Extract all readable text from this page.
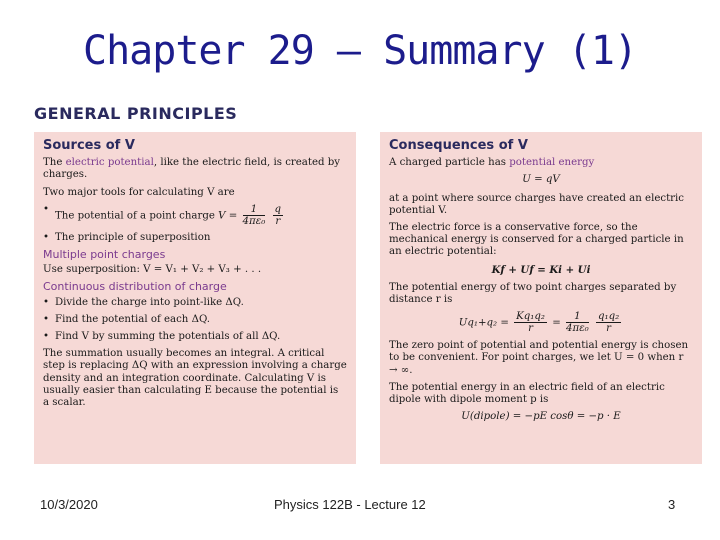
Chapter 29 – Summary (1)
GENERAL PRINCIPLES
Sources of V

The electric potential, like the electric field, is created by charges.

Two major tools for calculating V are

•
The potential of a point charge $V = \frac{1}{\text{4πε₀}}$
$\frac{q}{r}$
• The principle of superposition
Multiple point charges

Use superposition: V = V₁ + V₂ + V₃ + . . .

Continuous distribution of charge
• Divide the charge into point-like ΔQ.
• Find the potential of each ΔQ.
• Find V by summing the potentials of all ΔQ.

The summation usually becomes an integral. A critical step is replacing ΔQ with an expression involving a charge density and an integration coordinate. Calculating V is usually easier than calculating E because the potential is a scalar.

Consequences of V

A charged particle has potential energy

U = qV

at a point where source charges have created an electric potential V.

The electric force is a conservative force, so the mechanical energy is conserved for a charged particle in an electric potential:

Kf + Uf = Ki + Ui

The potential energy of two point charges separated by distance r is

$Uq_1+q_2 = \frac{\text{Kq₁q₂}}{r} = \frac{1}{\text{4πε₀}}$
$\frac{\text{q₁q₂}}{r}$

The zero point of potential and potential energy is chosen to be convenient. For point charges, we let U = 0 when r → ∞.

The potential energy in an electric field of an electric dipole with dipole moment p is

U(dipole) = −pE cosθ = −p · E
10/3/2020	Physics 122B - Lecture 12	3
